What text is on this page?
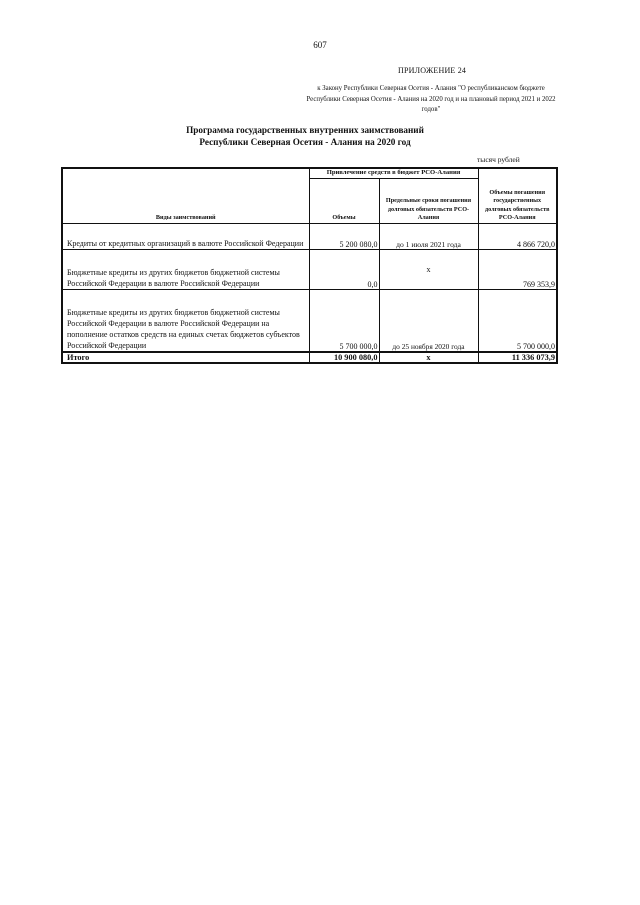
607
ПРИЛОЖЕНИЕ 24
к Закону Республики Северная Осетия - Алания "О республиканском бюджете Республики Северная Осетия - Алания на 2020 год и на плановый период 2021 и 2022 годов"
Программа государственных внутренних заимствований
Республики Северная Осетия - Алания на 2020 год
тысяч рублей
Виды заимствований	Привлечение средств в бюджет РСО-Алания		Объемы погашения государственных долговых обязательств РСО-Алания
	Объемы	Предельные сроки погашения долговых обязательств РСО-Алания	
Кредиты от кредитных организаций в валюте Российской Федерации	5 200 080,0	до 1 июля 2021 года	4 866 720,0
Бюджетные кредиты из других бюджетов бюджетной системы Российской Федерации в валюте Российской Федерации	0,0	х	769 353,9
Бюджетные кредиты из других бюджетов бюджетной системы Российской Федерации в валюте Российской Федерации на пополнение остатков средств на единых счетах бюджетов субъектов Российской Федерации	5 700 000,0	до 25 ноября 2020 года	5 700 000,0
Итого	10 900 080,0	х	11 336 073,9
